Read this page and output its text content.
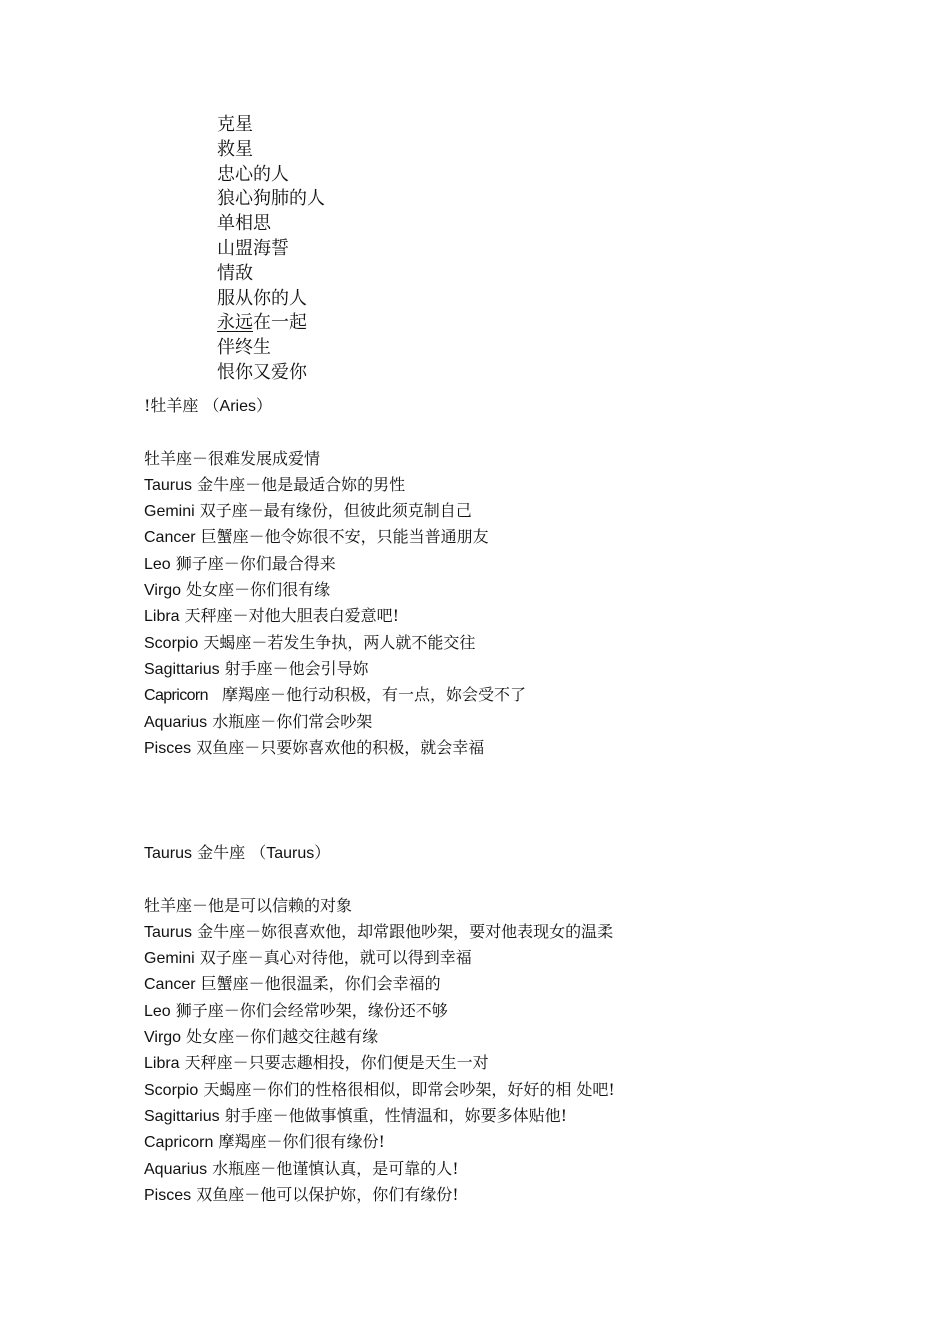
克星
救星
忠心的人
狼心狗肺的人
单相思
山盟海誓
情敌
服从你的人
永远在一起
伴终生
恨你又爱你
!牡羊座 （Aries）
牡羊座－很难发展成爱情
Taurus 金牛座－他是最适合妳的男性
Gemini 双子座－最有缘份，但彼此须克制自己
Cancer 巨蟹座－他令妳很不安，只能当普通朋友
Leo 狮子座－你们最合得来
Virgo 处女座－你们很有缘
Libra 天秤座－对他大胆表白爱意吧!
Scorpio 天蝎座－若发生争执，两人就不能交往
Sagittarius 射手座－他会引导妳
Capricorn 摩羯座－他行动积极，有一点，妳会受不了
Aquarius 水瓶座－你们常会吵架
Pisces 双鱼座－只要妳喜欢他的积极，就会幸福
Taurus 金牛座 （Taurus）
牡羊座－他是可以信赖的对象
Taurus 金牛座－妳很喜欢他，却常跟他吵架，要对他表现女的温柔
Gemini 双子座－真心对待他，就可以得到幸福
Cancer 巨蟹座－他很温柔，你们会幸福的
Leo 狮子座－你们会经常吵架，缘份还不够
Virgo 处女座－你们越交往越有缘
Libra 天秤座－只要志趣相投，你们便是天生一对
Scorpio 天蝎座－你们的性格很相似，即常会吵架，好好的相 处吧!
Sagittarius 射手座－他做事慎重，性情温和，妳要多体贴他!
Capricorn 摩羯座－你们很有缘份!
Aquarius 水瓶座－他谨慎认真，是可靠的人!
Pisces 双鱼座－他可以保护妳，你们有缘份!
